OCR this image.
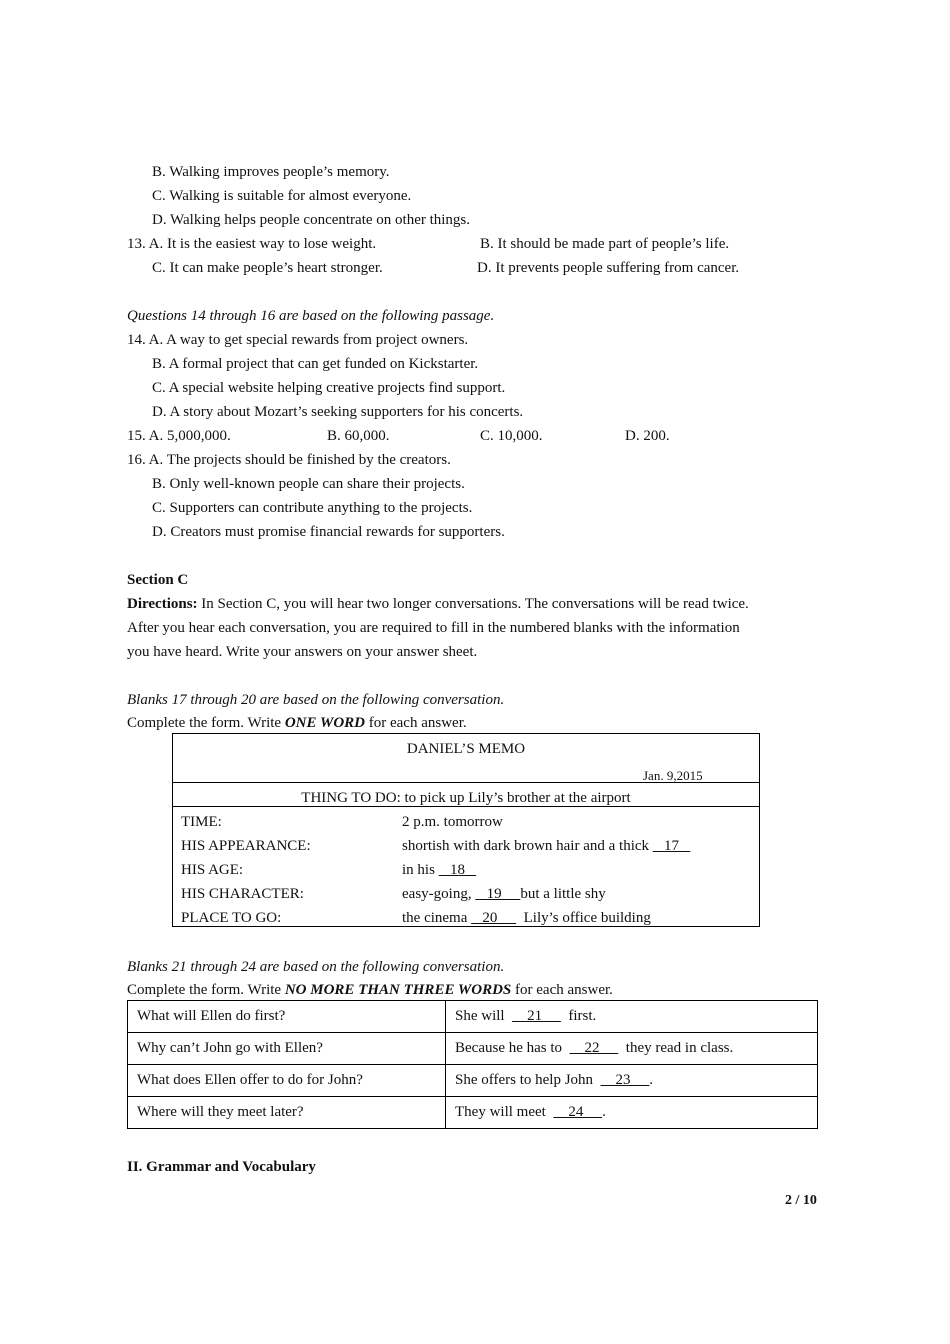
B. Walking improves people’s memory.
C. Walking is suitable for almost everyone.
D. Walking helps people concentrate on other things.
13. A. It is the easiest way to lose weight.	B. It should be made part of people’s life.
C. It can make people’s heart stronger.	D. It prevents people suffering from cancer.
Questions 14 through 16 are based on the following passage.
14. A. A way to get special rewards from project owners.
B. A formal project that can get funded on Kickstarter.
C. A special website helping creative projects find support.
D. A story about Mozart’s seeking supporters for his concerts.
15. A. 5,000,000.	B. 60,000.	C. 10,000.	D. 200.
16. A. The projects should be finished by the creators.
B. Only well-known people can share their projects.
C. Supporters can contribute anything to the projects.
D. Creators must promise financial rewards for supporters.
Section C
Directions: In Section C, you will hear two longer conversations. The conversations will be read twice.
After you hear each conversation, you are required to fill in the numbered blanks with the information
you have heard. Write your answers on your answer sheet.
Blanks 17 through 20 are based on the following conversation.
Complete the form. Write ONE WORD for each answer.
DANIEL’S MEMO
Jan. 9,2015
THING TO DO: to pick up Lily’s brother at the airport
TIME:	2 p.m. tomorrow
HIS APPEARANCE:	shortish with dark brown hair and a thick    17
HIS AGE:	in his    18
HIS CHARACTER:	easy-going,    19     but a little shy
PLACE TO GO:	the cinema    20       Lily’s office building
Blanks 21 through 24 are based on the following conversation.
Complete the form. Write NO MORE THAN THREE WORDS for each answer.
What will Ellen do first?	She will      21       first.
Why can’t John go with Ellen?	Because he has to      22       they read in class.
What does Ellen offer to do for John?	She offers to help John      23     .
Where will they meet later?	They will meet      24     .
II. Grammar and Vocabulary
2 / 10
